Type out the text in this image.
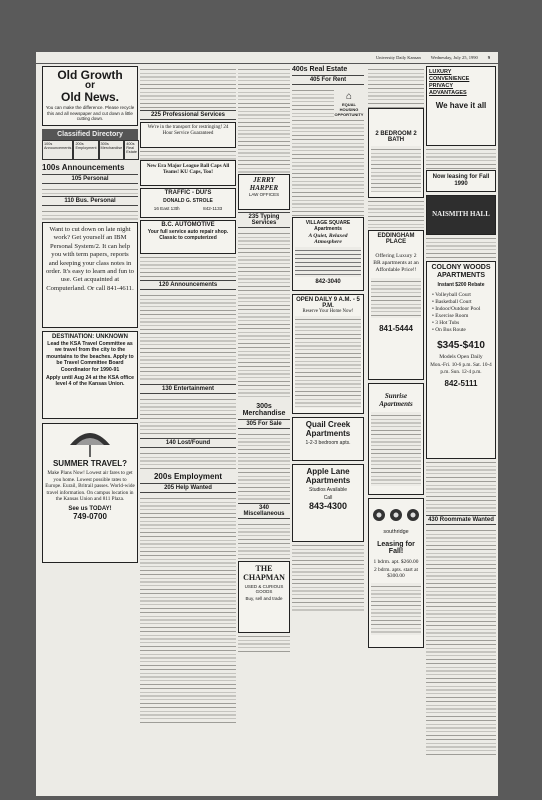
University Daily Kansan Wednesday, July 25, 1990 9
Old Growth
or
Old News.
You can make the difference. Please recycle this and all newspaper and cut down a little cutting down.
Classified Directory
100s Announcements
200s Employment
300s Merchandise
400s Real Estate
100s Announcements
105 Personal
110 Bus. Personal
Want to cut down on late night work? Get yourself an IBM Personal System/2. It can help you with term papers, reports and keeping your class notes in order. It's easy to learn and fun to use. Get acquainted at Computerland. Or call 841-4611.
DESTINATION: UNKNOWN
Lead the KSA Travel Committee as we travel from the city to the mountains to the beaches. Apply to be Travel Committee Board Coordinator for 1990-91
Apply until Aug 24 at the KSA office level 4 of the Kansas Union.
SUMMER TRAVEL?
Make Plans Now! Lowest air fares to get you home. Lowest possible rates to Europe. Eurail, Britrail passes. World-wide travel information. On campus location in the Kansas Union and 811 Plaza.
See us TODAY!
749-0700
225 Professional Services
We're in the transport for restringing! 24 Hour Service Guaranteed
New Era Major League Ball Caps All Teams! KU Caps, Too!
TRAFFIC - DUI'S
DONALD G. STROLE
16 East 13th	842-1133
B.C. AUTOMOTIVE
Your full service auto repair shop. Classic to computerized
120 Announcements
130 Entertainment
140 Lost/Found
200s Employment
205 Help Wanted
JERRY HARPER
LAW OFFICES
235 Typing Services
300s Merchandise
305 For Sale
340 Miscellaneous
THE CHAPMAN
USED & CURIOUS GOODS
Buy, sell and trade
400s Real Estate
405 For Rent
⌂
EQUAL HOUSING OPPORTUNITY
VILLAGE SQUARE Apartments
A Quiet, Relaxed Atmosphere
842-3040
OPEN DAILY 9 A.M. - 5 P.M.
Reserve Your Home Now!
Quail Creek Apartments
1-2-3 bedroom apts.
Apple Lane Apartments
Studios Available
Call
843-4300
2 BEDROOM 2 BATH
EDDINGHAM PLACE
Offering Luxury 2 BR apartments at an Affordable Price!!
841-5444
Sunrise Apartments
southridge
Leasing for Fall!
1 bdrm. apt. $260.00
2 bdrm. apts. start at $300.00
LUXURY
CONVENIENCE
PRIVACY
ADVANTAGES
We have it all
Now leasing for Fall 1990
NAISMITH HALL
COLONY WOODS APARTMENTS
Instant $200 Rebate
• Volleyball Court
• Basketball Court
• Indoor/Outdoor Pool
• Exercise Room
• 3 Hot Tubs
• On Bus Route
$345-$410
Models Open Daily
Mon.-Fri. 10-6 p.m. Sat. 10-4 p.m. Sun. 12-4 p.m.
842-5111
430 Roommate Wanted
